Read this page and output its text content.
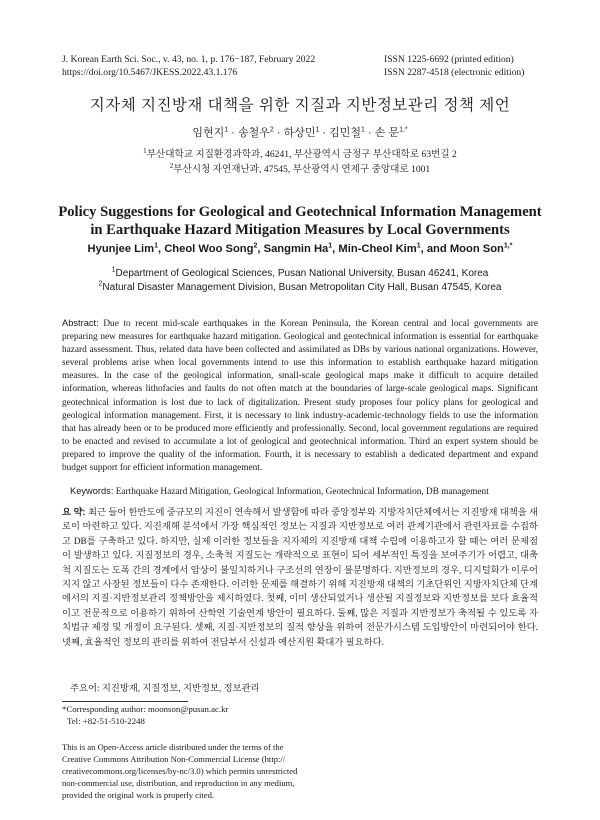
J. Korean Earth Sci. Soc., v. 43, no. 1, p. 176−187, February 2022
https://doi.org/10.5467/JKESS.2022.43.1.176
ISSN 1225-6692 (printed edition)
ISSN 2287-4518 (electronic edition)
지자체 지진방재 대책을 위한 지질과 지반정보관리 정책 제언
임현지$^1$ · 송철우$^2$ · 하상민$^1$ · 김민철$^1$ · 손 문$^{1,*}$
$^1$부산대학교 지질환경과학과, 46241, 부산광역시 금정구 부산대학로 63번길 2
$^2$부산시청 자연재난과, 47545, 부산광역시 연제구 중앙대로 1001
Policy Suggestions for Geological and Geotechnical Information Management
in Earthquake Hazard Mitigation Measures by Local Governments
Hyunjee Lim$^1$, Cheol Woo Song$^2$, Sangmin Ha$^1$, Min-Cheol Kim$^1$, and Moon Son$^{1,*}$
$^1$Department of Geological Sciences, Pusan National University, Busan 46241, Korea
$^2$Natural Disaster Management Division, Busan Metropolitan City Hall, Busan 47545, Korea
Abstract: Due to recent mid-scale earthquakes in the Korean Peninsula, the Korean central and local governments are preparing new measures for earthquake hazard mitigation. Geological and geotechnical information is essential for earthquake hazard assessment. Thus, related data have been collected and assimilated as DBs by various national organizations. However, several problems arise when local governments intend to use this information to establish earthquake hazard mitigation measures. In the case of the geological information, small-scale geological maps make it difficult to acquire detailed information, whereas lithofacies and faults do not often match at the boundaries of large-scale geological maps. Significant geotechnical information is lost due to lack of digitalization. Present study proposes four policy plans for geological and geological information management. First, it is necessary to link industry-academic-technology fields to use the information that has already been or to be produced more efficiently and professionally. Second, local government regulations are required to be enacted and revised to accumulate a lot of geological and geotechnical information. Third an expert system should be prepared to improve the quality of the information. Fourth, it is necessary to establish a dedicated department and expand budget support for efficient information management.
Keywords: Earthquake Hazard Mitigation, Geological Information, Geotechnical Information, DB management
요 약: 최근 들어 한반도에 중규모의 지진이 연속해서 발생함에 따라 중앙정부와 지방자치단체에서는 지진방재 대책을 새로이 마련하고 있다. 지진재해 분석에서 가장 핵심적인 정보는 지질과 지반정보로 여러 관계기관에서 관련자료를 수집하고 DB를 구축하고 있다. 하지만, 실제 이러한 정보들을 지자체의 지진방재 대책 수립에 이용하고자 할 때는 여러 문제점이 발생하고 있다. 지질정보의 경우, 소축척 지질도는 개략적으로 표현이 되어 세부적인 특징을 보여주기가 어렵고, 대축척 지질도는 도폭 간의 경계에서 암상이 불일치하거나 구조선의 연장이 불분명하다. 지반정보의 경우, 디지털화가 이루어지지 않고 사장된 정보들이 다수 존재한다. 이러한 문제를 해결하기 위해 지진방재 대책의 기초단위인 지방자치단체 단계에서의 지질·지반정보관리 정책방안을 제시하였다. 첫째, 이미 생산되었거나 생산될 지질정보와 지반정보를 보다 효율적이고 전문적으로 이용하기 위하여 산학연 기술연계 방안이 필요하다. 둘째, 많은 지질과 지반정보가 축적될 수 있도록 자치법규 제정 및 개정이 요구된다. 셋째, 지질·지반정보의 질적 향상을 위하여 전문가시스템 도입방안이 마련되어야 한다. 넷째, 효율적인 정보의 관리를 위하여 전담부서 신설과 예산지원 확대가 필요하다.
주요어: 지진방재, 지질정보, 지반정보, 정보관리
*Corresponding author: moonson@pusan.ac.kr
Tel: +82-51-510-2248
This is an Open-Access article distributed under the terms of the
Creative Commons Attribution Non-Commercial License (http://
creativecommons.org/licenses/by-nc/3.0) which permits unrestricted
non-commercial use, distribution, and reproduction in any medium,
provided the original work is properly cited.
